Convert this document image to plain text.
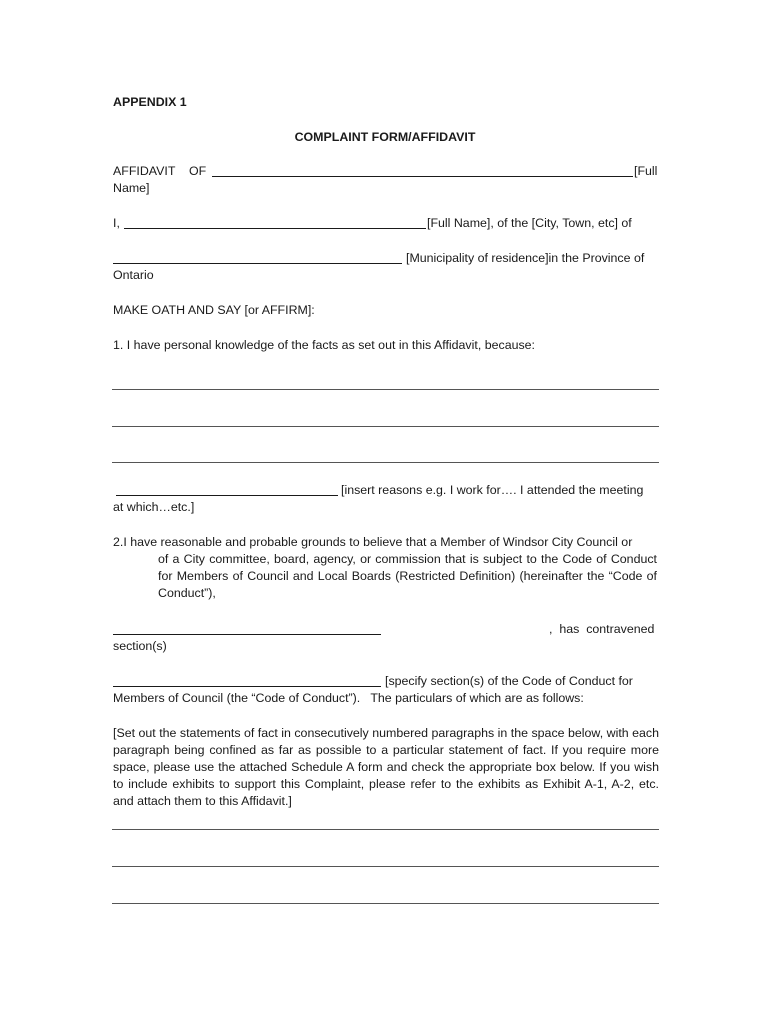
APPENDIX 1
COMPLAINT FORM/AFFIDAVIT
AFFIDAVIT    OF	[Full
Name]
I,	[Full Name], of the [City, Town, etc] of
[Municipality of residence]in the Province of
Ontario
MAKE OATH AND SAY [or AFFIRM]:
1. I have personal knowledge of the facts as set out in this Affidavit, because:
[insert reasons e.g. I work for…. I attended the meeting
at which…etc.]
2.I have reasonable and probable grounds to believe that a Member of Windsor City Council or
of a City committee, board, agency, or commission that is subject to the Code of Conduct for Members of Council and Local Boards (Restricted Definition) (hereinafter the “Code of Conduct”),
,  has  contravened
section(s)
[specify section(s) of the Code of Conduct for
Members of Council (the “Code of Conduct”).   The particulars of which are as follows:
[Set out the statements of fact in consecutively numbered paragraphs in the space below, with each paragraph being confined as far as possible to a particular statement of fact. If you require more space, please use the attached Schedule A form and check the appropriate box below. If you wish to include exhibits to support this Complaint, please refer to the exhibits as Exhibit A-1, A-2, etc. and attach them to this Affidavit.]
